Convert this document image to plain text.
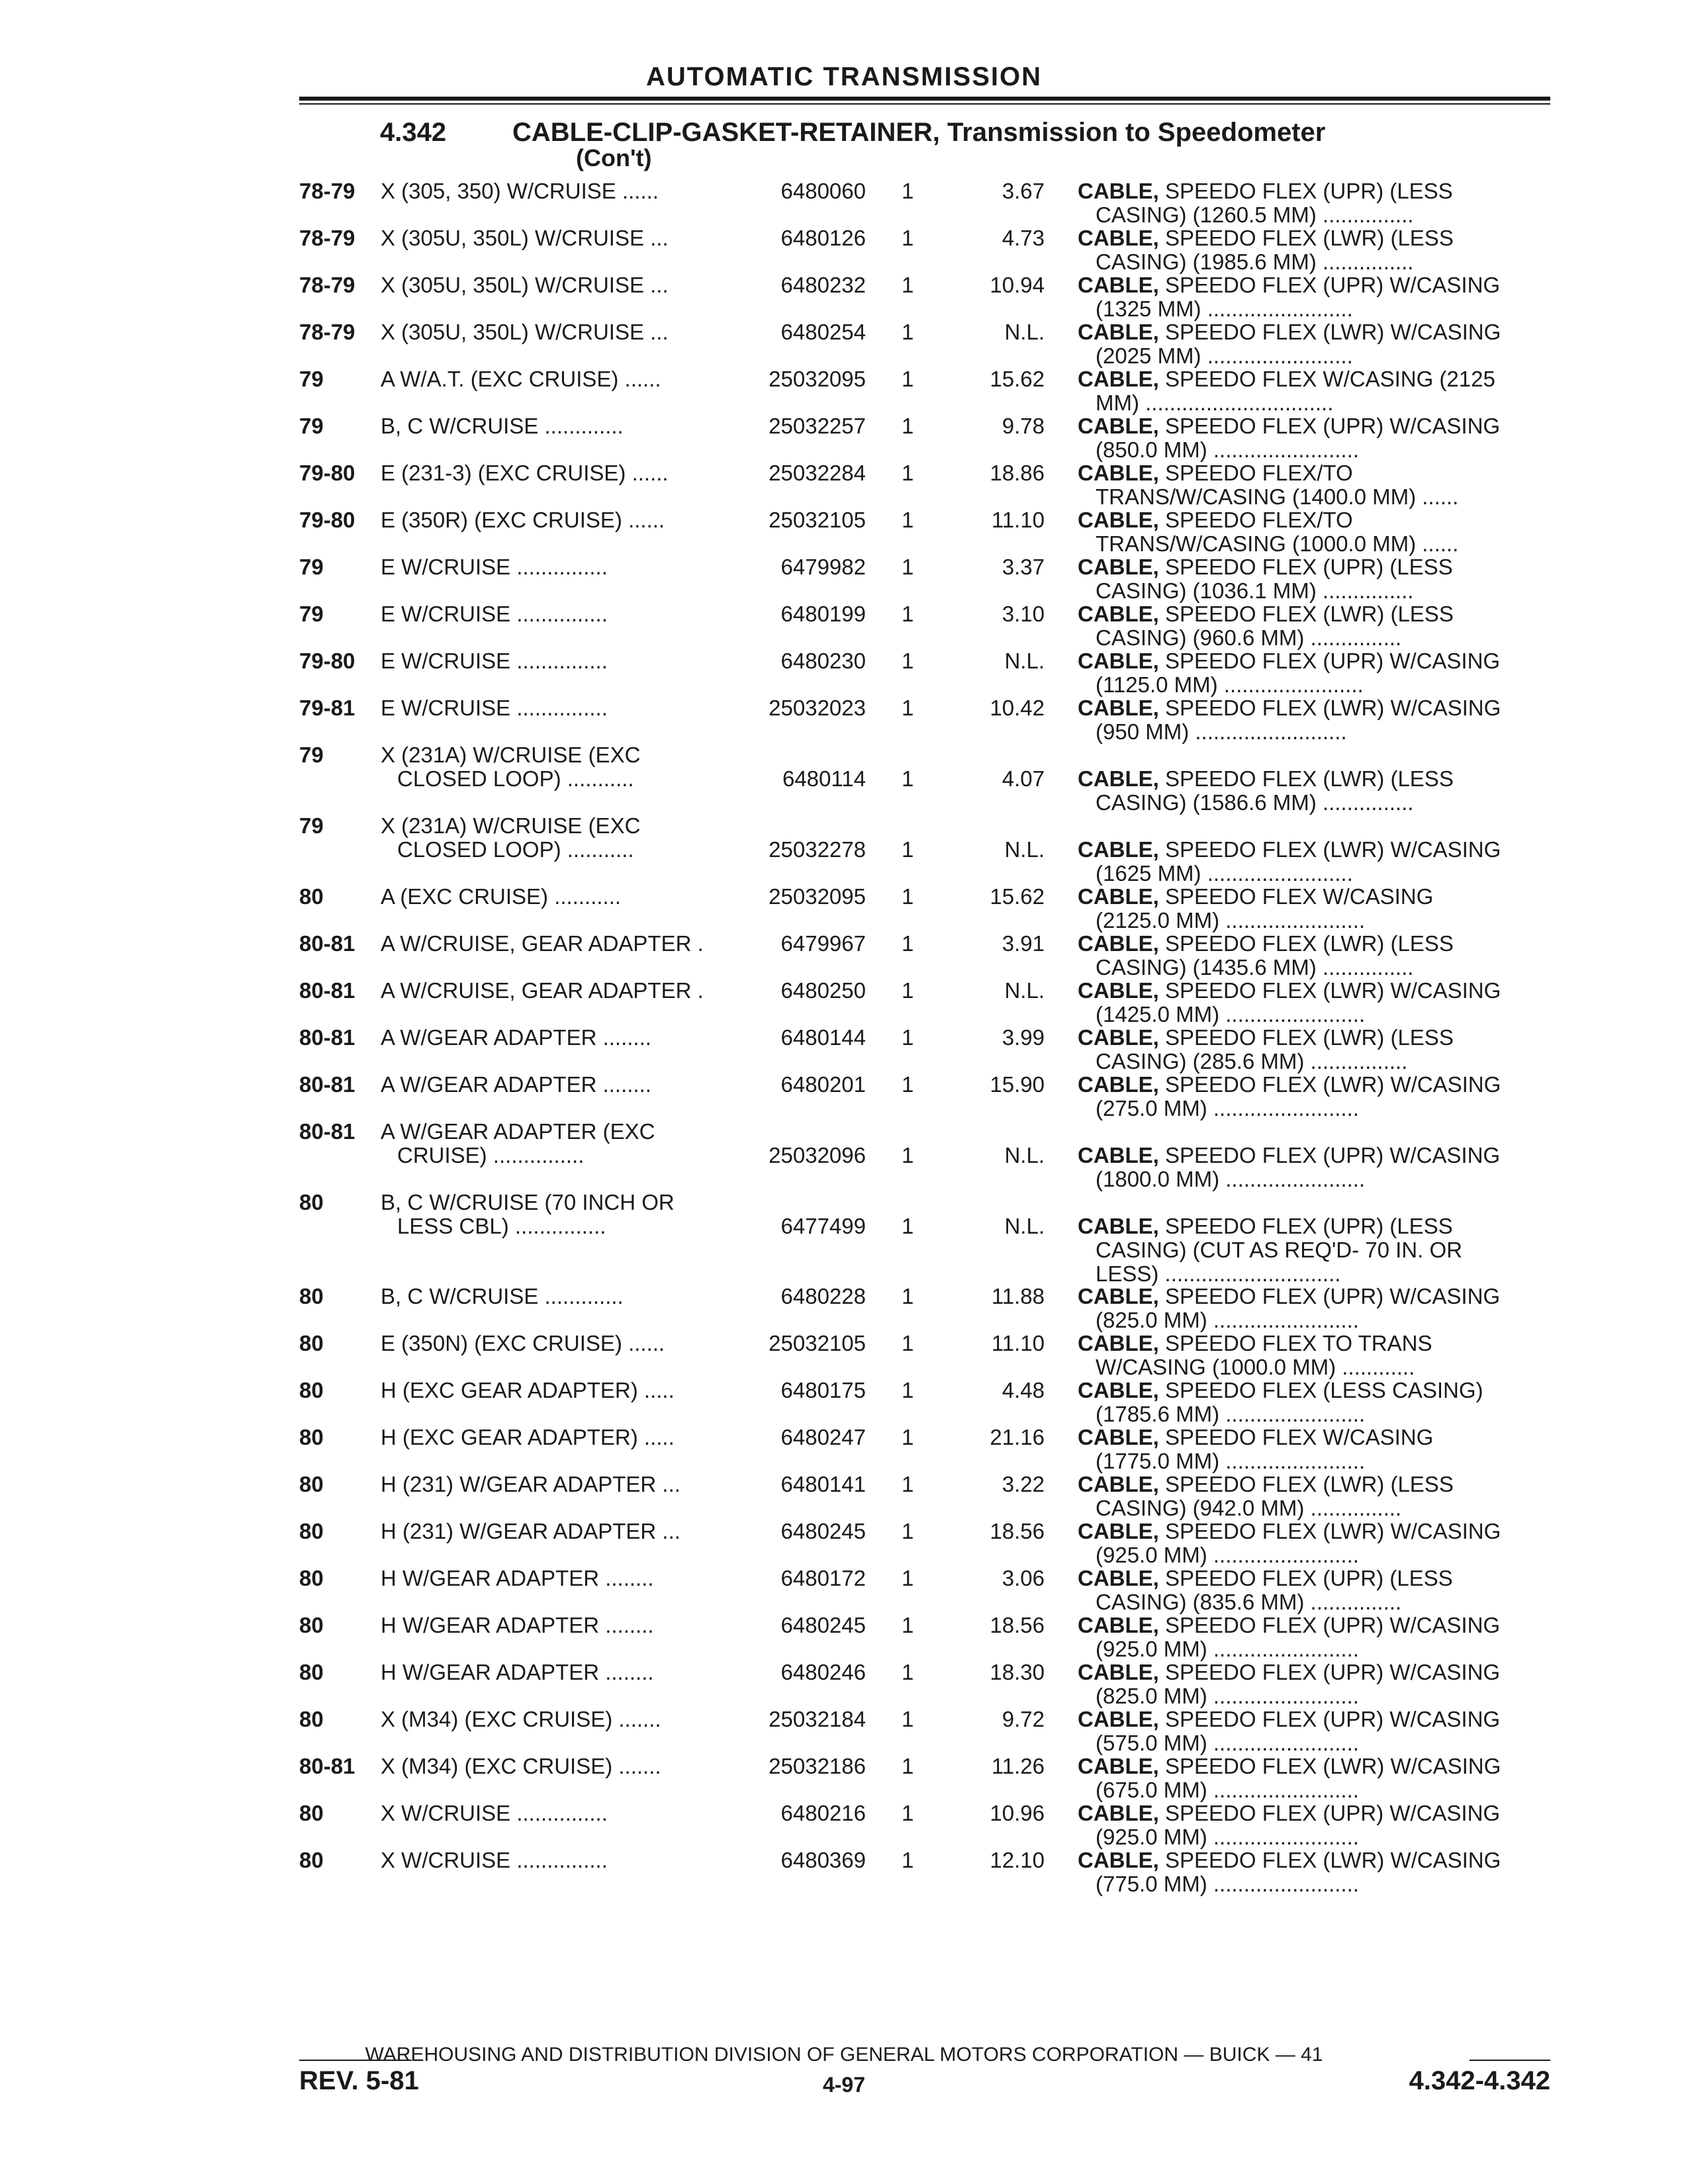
AUTOMATIC TRANSMISSION
4.342 CABLE-CLIP-GASKET-RETAINER, Transmission to Speedometer
(Con't)
78-79 X (305, 350) W/CRUISE ......	6480060 1	3.67 CABLE, SPEEDO FLEX (UPR) (LESS
CASING) (1260.5 MM) ...............
78-79 X (305U, 350L) W/CRUISE ...	6480126 1	4.73 CABLE, SPEEDO FLEX (LWR) (LESS
CASING) (1985.6 MM) ...............
78-79 X (305U, 350L) W/CRUISE ...	6480232 1	10.94 CABLE, SPEEDO FLEX (UPR) W/CASING
(1325 MM) ........................
78-79 X (305U, 350L) W/CRUISE ...	6480254 1	N.L. CABLE, SPEEDO FLEX (LWR) W/CASING
(2025 MM) ........................
79	A W/A.T. (EXC CRUISE) ......	25032095 1	15.62 CABLE, SPEEDO FLEX W/CASING (2125
MM) ...............................
79	B, C W/CRUISE .............	25032257 1	9.78 CABLE, SPEEDO FLEX (UPR) W/CASING
(850.0 MM) ........................
79-80 E (231-3) (EXC CRUISE) ......	25032284 1	18.86 CABLE, SPEEDO FLEX/TO
TRANS/W/CASING (1400.0 MM) ......
79-80 E (350R) (EXC CRUISE) ......	25032105 1	11.10 CABLE, SPEEDO FLEX/TO
TRANS/W/CASING (1000.0 MM) ......
79	E W/CRUISE ...............	6479982 1	3.37 CABLE, SPEEDO FLEX (UPR) (LESS
CASING) (1036.1 MM) ...............
79	E W/CRUISE ...............	6480199 1	3.10 CABLE, SPEEDO FLEX (LWR) (LESS
CASING) (960.6 MM) ...............
79-80 E W/CRUISE ...............	6480230 1	N.L. CABLE, SPEEDO FLEX (UPR) W/CASING
(1125.0 MM) .......................
79-81 E W/CRUISE ...............	25032023 1	10.42 CABLE, SPEEDO FLEX (LWR) W/CASING
(950 MM) .........................
79	X (231A) W/CRUISE (EXC
CLOSED LOOP) ...........	6480114 1	4.07 CABLE, SPEEDO FLEX (LWR) (LESS
CASING) (1586.6 MM) ...............
79	X (231A) W/CRUISE (EXC
CLOSED LOOP) ...........	25032278 1	N.L. CABLE, SPEEDO FLEX (LWR) W/CASING
(1625 MM) ........................
80	A (EXC CRUISE) ...........	25032095 1	15.62 CABLE, SPEEDO FLEX W/CASING
(2125.0 MM) .......................
80-81 A W/CRUISE, GEAR ADAPTER .	6479967 1	3.91 CABLE, SPEEDO FLEX (LWR) (LESS
CASING) (1435.6 MM) ...............
80-81 A W/CRUISE, GEAR ADAPTER .	6480250 1	N.L. CABLE, SPEEDO FLEX (LWR) W/CASING
(1425.0 MM) .......................
80-81 A W/GEAR ADAPTER ........	6480144 1	3.99 CABLE, SPEEDO FLEX (LWR) (LESS
CASING) (285.6 MM) ................
80-81 A W/GEAR ADAPTER ........	6480201 1	15.90 CABLE, SPEEDO FLEX (LWR) W/CASING
(275.0 MM) ........................
80-81 A W/GEAR ADAPTER (EXC
CRUISE) ...............	25032096 1	N.L. CABLE, SPEEDO FLEX (UPR) W/CASING
(1800.0 MM) .......................
80	B, C W/CRUISE (70 INCH OR
LESS CBL) ...............	6477499 1	N.L. CABLE, SPEEDO FLEX (UPR) (LESS
CASING) (CUT AS REQ'D- 70 IN. OR
LESS) .............................
80	B, C W/CRUISE .............	6480228 1	11.88 CABLE, SPEEDO FLEX (UPR) W/CASING
(825.0 MM) ........................
80	E (350N) (EXC CRUISE) ......	25032105 1	11.10 CABLE, SPEEDO FLEX TO TRANS
W/CASING (1000.0 MM) ............
80	H (EXC GEAR ADAPTER) .....	6480175 1	4.48 CABLE, SPEEDO FLEX (LESS CASING)
(1785.6 MM) .......................
80	H (EXC GEAR ADAPTER) .....	6480247 1	21.16 CABLE, SPEEDO FLEX W/CASING
(1775.0 MM) .......................
80	H (231) W/GEAR ADAPTER ...	6480141 1	3.22 CABLE, SPEEDO FLEX (LWR) (LESS
CASING) (942.0 MM) ...............
80	H (231) W/GEAR ADAPTER ...	6480245 1	18.56 CABLE, SPEEDO FLEX (LWR) W/CASING
(925.0 MM) ........................
80	H W/GEAR ADAPTER ........	6480172 1	3.06 CABLE, SPEEDO FLEX (UPR) (LESS
CASING) (835.6 MM) ...............
80	H W/GEAR ADAPTER ........	6480245 1	18.56 CABLE, SPEEDO FLEX (UPR) W/CASING
(925.0 MM) ........................
80	H W/GEAR ADAPTER ........	6480246 1	18.30 CABLE, SPEEDO FLEX (UPR) W/CASING
(825.0 MM) ........................
80	X (M34) (EXC CRUISE) .......	25032184 1	9.72 CABLE, SPEEDO FLEX (UPR) W/CASING
(575.0 MM) ........................
80-81 X (M34) (EXC CRUISE) .......	25032186 1	11.26 CABLE, SPEEDO FLEX (LWR) W/CASING
(675.0 MM) ........................
80	X W/CRUISE ...............	6480216 1	10.96 CABLE, SPEEDO FLEX (UPR) W/CASING
(925.0 MM) ........................
80	X W/CRUISE ...............	6480369 1	12.10 CABLE, SPEEDO FLEX (LWR) W/CASING
(775.0 MM) ........................
WAREHOUSING AND DISTRIBUTION DIVISION OF GENERAL MOTORS CORPORATION — BUICK — 41
REV. 5-81	4-97	4.342-4.342
